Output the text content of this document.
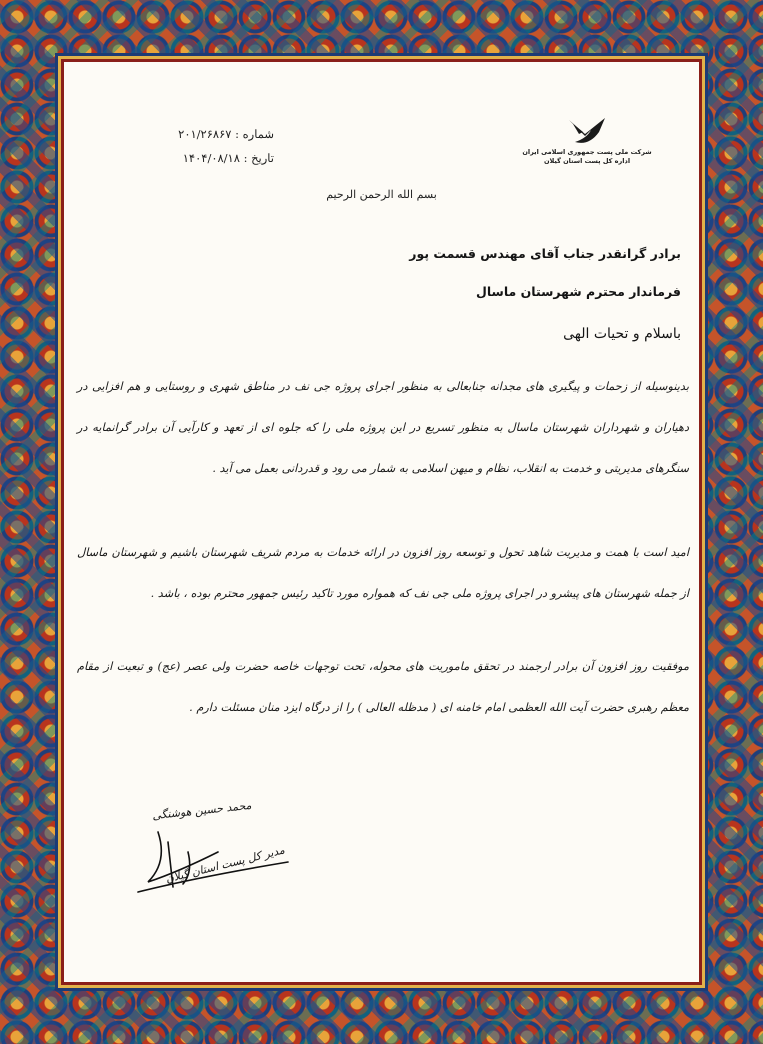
شرکت ملی پست جمهوری اسلامی ایران
اداره کل پست استان گیلان
شماره : ۲۰۱/۲۶۸۶۷
تاریخ : ۱۴۰۴/۰۸/۱۸
بسم الله الرحمن الرحیم
برادر گرانقدر جناب آقای مهندس قسمت پور
فرماندار محترم شهرستان ماسال
باسلام و تحیات الهی
بدینوسیله از زحمات و پیگیری های مجدانه جنابعالی به منظور اجرای پروژه جی نف در مناطق شهری و روستایی و هم افزایی در دهیاران و شهرداران شهرستان ماسال به منظور تسریع در این پروژه ملی را که جلوه ای از تعهد و کارآیی آن برادر گرانمایه در سنگرهای مدیریتی و خدمت به انقلاب، نظام و میهن اسلامی به شمار می رود و قدردانی بعمل می آید .
امید است با همت و مدیریت شاهد تحول و توسعه روز افزون در ارائه خدمات به مردم شریف شهرستان باشیم و شهرستان ماسال از جمله شهرستان های پیشرو در اجرای پروژه ملی جی نف که همواره مورد تاکید رئیس جمهور محترم بوده ، باشد .
موفقیت روز افزون آن برادر ارجمند در تحقق ماموریت های محوله، تحت توجهات خاصه حضرت ولی عصر (عج) و تبعیت از مقام معظم رهبری حضرت آیت الله العظمی امام خامنه ای ( مدظله العالی ) را از درگاه ایزد منان مسئلت دارم .
محمد حسین هوشنگی
مدیر کل پست استان گیلان
